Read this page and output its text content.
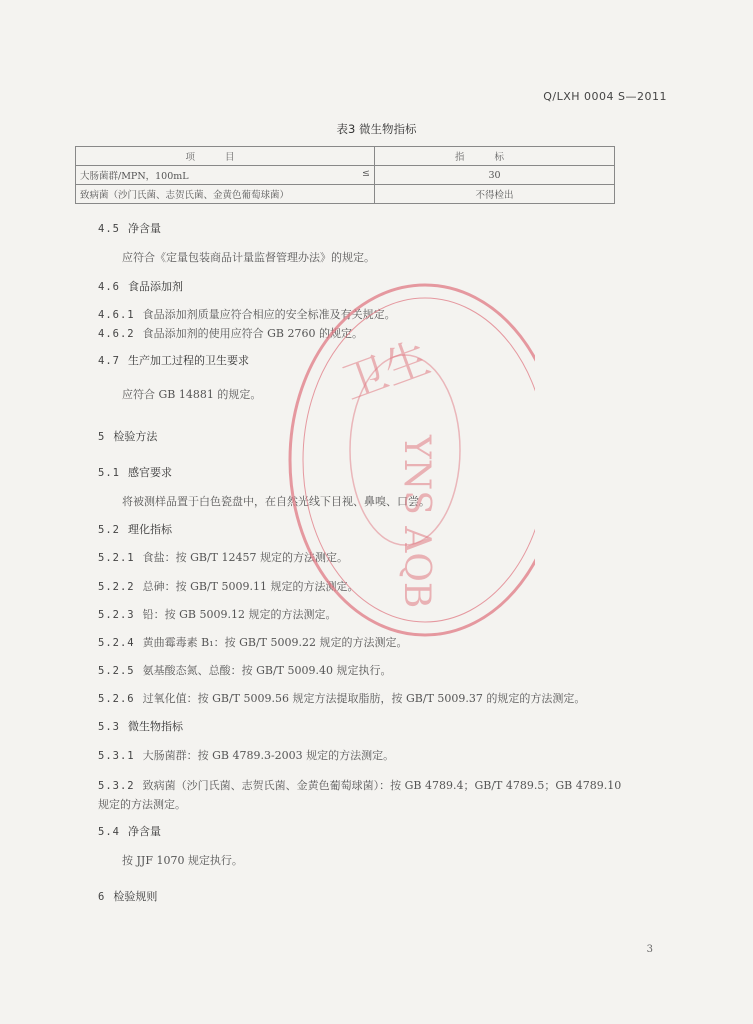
Q/LXH 0004 S—2011
表3 微生物指标
项目	指标
大肠菌群/MPN，100mL ≤	30
致病菌（沙门氏菌、志贺氏菌、金黄色葡萄球菌）	不得检出
4.5 净含量
应符合《定量包装商品计量监督管理办法》的规定。
4.6 食品添加剂
4.6.1 食品添加剂质量应符合相应的安全标准及有关规定。
4.6.2 食品添加剂的使用应符合 GB 2760 的规定。
4.7 生产加工过程的卫生要求
应符合 GB 14881 的规定。
5 检验方法
5.1 感官要求
将被测样品置于白色瓷盘中，在自然光线下目视、鼻嗅、口尝。
5.2 理化指标
5.2.1 食盐：按 GB/T 12457 规定的方法测定。
5.2.2 总砷：按 GB/T 5009.11 规定的方法测定。
5.2.3 铅：按 GB 5009.12 规定的方法测定。
5.2.4 黄曲霉毒素 B₁：按 GB/T 5009.22 规定的方法测定。
5.2.5 氨基酸态氮、总酸：按 GB/T 5009.40 规定执行。
5.2.6 过氧化值：按 GB/T 5009.56 规定方法提取脂肪，按 GB/T 5009.37 的规定的方法测定。
5.3 微生物指标
5.3.1 大肠菌群：按 GB 4789.3-2003 规定的方法测定。
5.3.2 致病菌（沙门氏菌、志贺氏菌、金黄色葡萄球菌）：按 GB 4789.4；GB/T 4789.5；GB 4789.10
规定的方法测定。
5.4 净含量
按 JJF 1070 规定执行。
6 检验规则
3
卫生
YNS AQB
